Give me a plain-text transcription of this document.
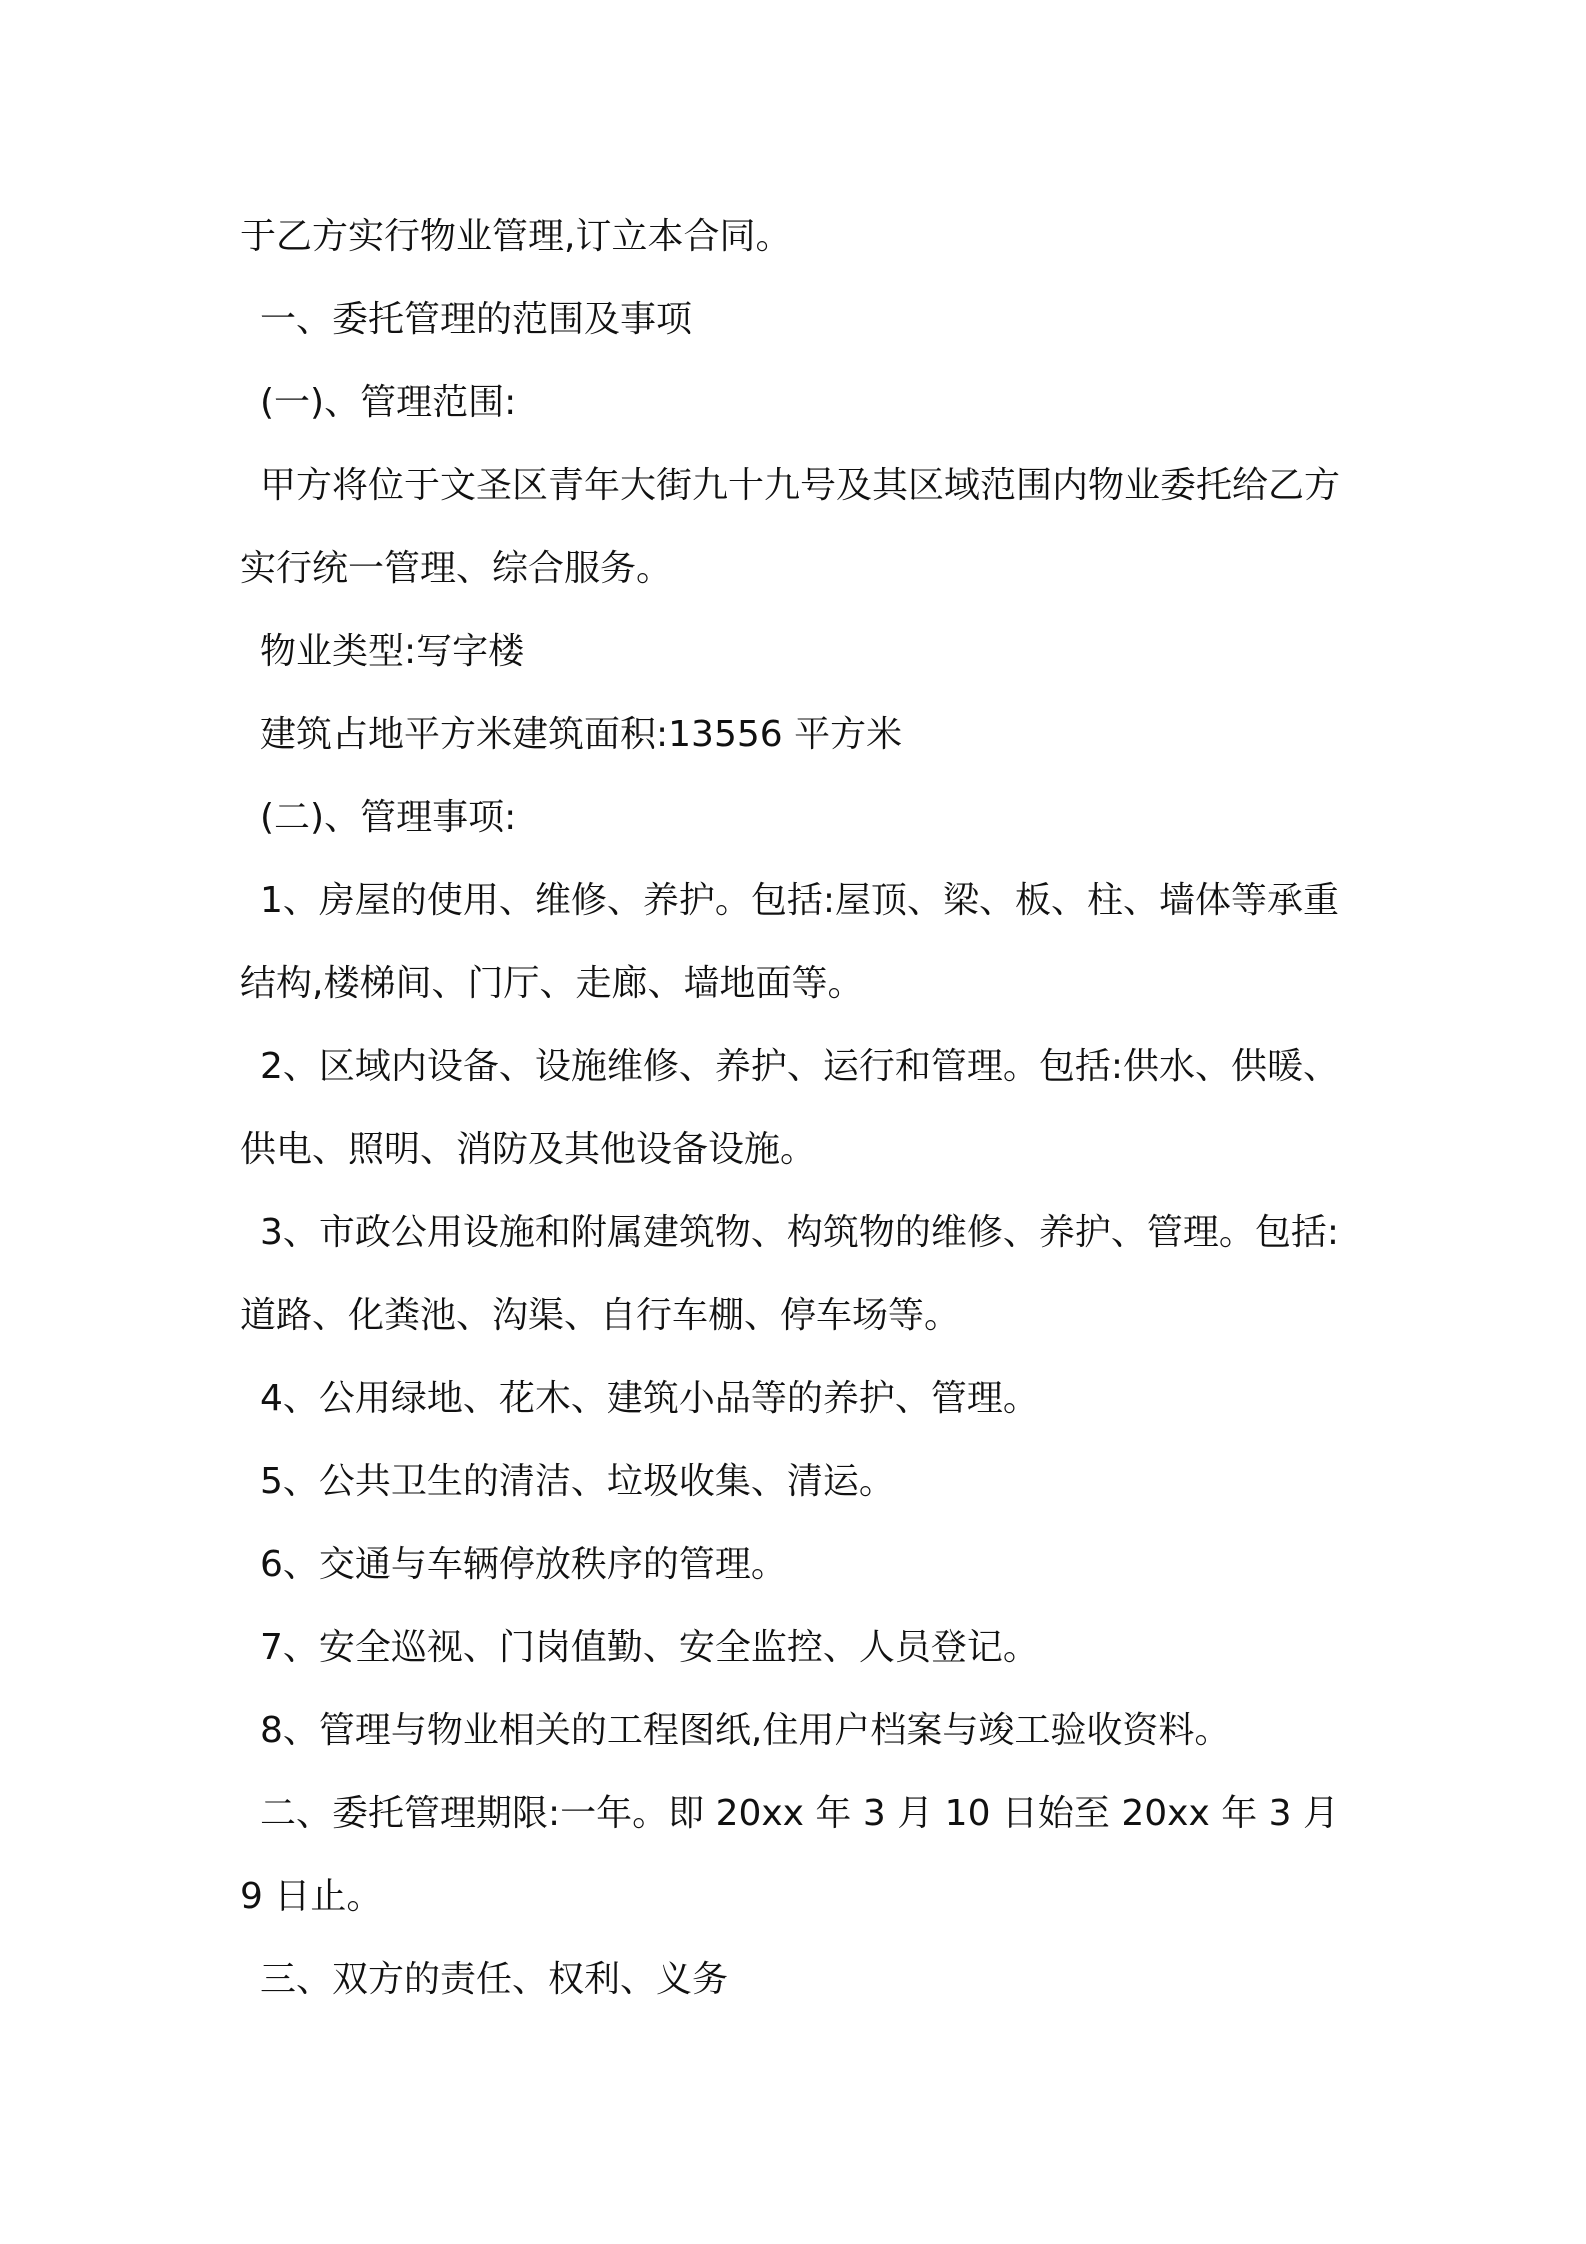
于乙方实行物业管理,订立本合同。

一、委托管理的范围及事项

(一)、管理范围:

甲方将位于文圣区青年大街九十九号及其区域范围内物业委托给乙方实行统一管理、综合服务。

物业类型:写字楼

建筑占地平方米建筑面积:13556 平方米

(二)、管理事项:

1、房屋的使用、维修、养护。包括:屋顶、梁、板、柱、墙体等承重结构,楼梯间、门厅、走廊、墙地面等。

2、区域内设备、设施维修、养护、运行和管理。包括:供水、供暖、供电、照明、消防及其他设备设施。

3、市政公用设施和附属建筑物、构筑物的维修、养护、管理。包括:道路、化粪池、沟渠、自行车棚、停车场等。

4、公用绿地、花木、建筑小品等的养护、管理。

5、公共卫生的清洁、垃圾收集、清运。

6、交通与车辆停放秩序的管理。

7、安全巡视、门岗值勤、安全监控、人员登记。

8、管理与物业相关的工程图纸,住用户档案与竣工验收资料。

二、委托管理期限:一年。即 20xx 年 3 月 10 日始至 20xx 年 3 月 9 日止。

三、双方的责任、权利、义务
